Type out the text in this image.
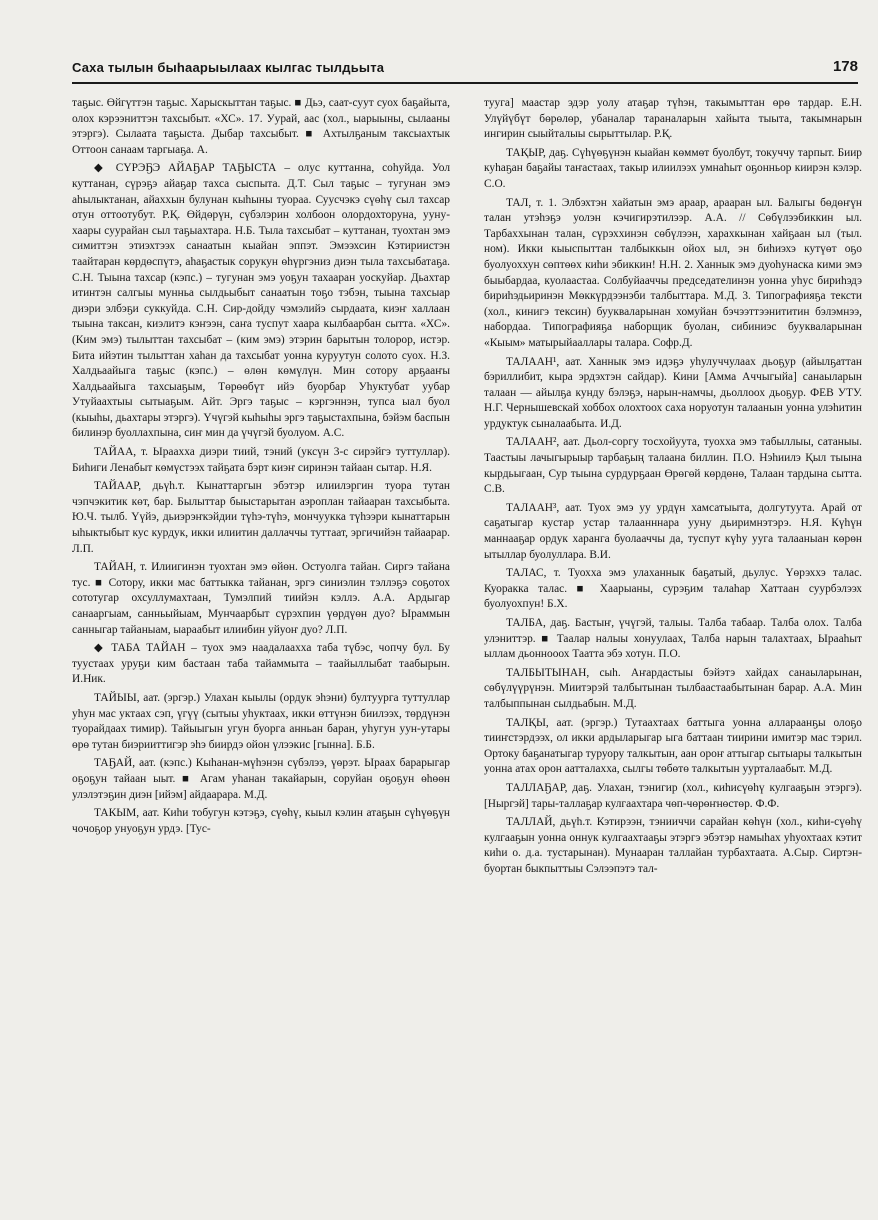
Саха тылын быһаарыылаах кылгас тылдьыта	178

таҕыс. Өйгүттэн таҕыс. Харыскыттан таҕыс. ■ Дьэ, саат-суут суох баҕайыта, олох кэрээниттэн тахсыбыт. «ХС». 17. Уурай, аас (хол., ыарыыны, сылааны этэргэ). Сылаата таҕыста. Дыбар тахсыбыт. ■ Ахтылҕаным таксыахтык Оттоон санаам таргыаҕа. А.

◆ СҮРЭҔЭ АЙАҔАР ТАҔЫСТА – олус куттанна, соһуйда. Уол куттанан, сүрэҕэ айаҕар тахса сыспыта. Д.Т. Сыл таҕыс – тугунан эмэ аһылыктанан, айаххын булунан кыһыны туораа. Суусчэкэ сүөһү сыл тахсар отун оттоотубут. Р.Қ. Өйдөрүн, сүбэлэрин холбоон олордохторуна, ууну-хаары суурайан сыл таҕыахтара. Н.Б. Тыла тахсыбат – куттанан, туохтан эмэ симиттэн этиэхтээх санаатын кыайан эппэт. Эмээхсин Кэтириистэн таайтаран көрдөспүтэ, аһаҕастык сорукун өһүргэниз диэн тыла тахсыбатаҕа. С.Н. Тыына тахсар (кэпс.) – тугунан эмэ уоҕун тахааран уоскуйар. Дьахтар итинтэн салгыы мунньа сылдьыбыт санаатын тоҕо тэбэн, тыына тахсыар диэри элбэҕи суккуйда. С.Н. Сир-дойду чэмэлийэ сырдаата, киэҥ халлаан тыына таксан, киэлитэ кэҥээн, саҥа туспут хаара кылбаарбан сытта. «ХС». (Ким эмэ) тылыттан тахсыбат – (ким эмэ) этэрин барытын толорор, истэр. Бита ийэтин тылыттан хаһан да тахсыбат уонна куруутун солото суох. Н.З. Халдьаайыга таҕыс (кэпс.) – өлөн көмүлүн. Мин сотору арҕааҥы Халдьаайыга тахсыаҕым, Төрөөбүт ийэ буорбар Уһуктубат уубар Утуйаахтыы сытыаҕым. Айт. Эргэ таҕыс – кэргэннэн, тупса ыал буол (кыыһы, дьахтары этэргэ). Үчүгэй кыһыһы эргэ таҕыстахпына, бэйэм баспын билинэр буоллахпына, сиҥ мин да үчүгэй буолуом. А.С.

ТАЙАА, т. Ыраахха диэри тиий, тэний (уксүн 3-с сирэйгэ туттуллар). Биһиги Ленабыт көмүстээх тайҕата бэрт киэҥ сиринэн тайаан сытар. Н.Я.

ТАЙААР, дьүһ.т. Кынаттаргын эбэтэр илиилэргин туора тутан чэпчэкитик көт, бар. Былыттар быыстарытан аэроплан тайааран тахсыбыта. Ю.Ч. тылб. Үүйэ, дьиэрэҥкэйдии түһэ-түһэ, мончуукка түһээри кынаттарын ыһыктыбыт кус курдук, икки илиитин даллаччы туттаат, эргичийэн тайаарар. Л.П.

ТАЙАН, т. Илиигинэн туохтан эмэ өйөн. Остуолга тайан. Сиргэ тайана тус. ■ Сотору, икки мас баттыкка тайанан, эргэ синиэлин тэллэҕэ соҕотох сототугар охсуллумахтаан, Тумэлпий тиийэн кэллэ. А.А. Ардыгар санааргыам, санньыйыам, Мунчаарбыт сүрэхпин үөрдүөн дуо? Ыраммын санныгар тайаныам, ыараабыт илиибин уйуоҥ дуо? Л.П.

◆ ТАБА ТАЙАН – туох эмэ наадалаахха таба түбэс, чопчу бул. Бу туустаах уруҕи ким бастаан таба тайаммыта – таайыллыбат таабырын. И.Ник.

ТАЙЫЫ, аат. (эргэр.) Улахан кыылы (ордук эһэни) бултуурга туттуллар уһун мас уктаах сэп, үгүү (сытыы уһуктаах, икки өттүнэн биилээх, төрдүнэн туорайдаах тимир). Тайыыгын угун буорга анньан баран, уһугун уун-утары өрө тутан биэрииттигэр эһэ биирдэ ойон үлээкис [гынна]. Б.Б.

ТАҔАЙ, аат. (кэпс.) Кыһанан-мүһэнэн сүбэлээ, үөрэт. Ыраах барарыгар оҕоҕун тайаан ыыт. ■ Агам уһанан такайарын, соруйан оҕоҕун өһөөн улэлэтэҕин диэн [ийэм] айдаарара. М.Д.

ТАКЫМ, аат. Киһи тобугун кэтэҕэ, сүөһү, кыыл кэлин атаҕын сүһүөҕүн чочоҕор унуоҕун урдэ. [Тус-

тууга] маастар эдэр уолу атаҕар түһэн, такымыттан өрө тардар. Е.Н. Улүйүбүт бөрөлөр, убаналар тараналарын хайыта тыыта, такымнарын ингирин сыыйталыы сырыттылар. Р.Қ.

ТАҚЫР, даҕ. Сүһүөҕүнэн кыайан көммөт буолбут, токуччу тарпыт. Биир куһаҕан баҕайы таҥастаах, такыр илиилээх умнаһыт оҕонньор киирэн кэлэр. С.О.

ТАЛ, т. 1. Элбэхтэн хайатын эмэ араар, арааран ыл. Балыгы бөдөҥүн талан утэһэҕэ уолэн кэчигирэтилээр. А.А. // Сөбүлээбиккин ыл. Тарбаххынан талан, сүрэххинэн сөбүлээн, харахкынан хайҕаан ыл (тыл. ном). Икки кыыспыттан талбыккын ойох ыл, эн биһиэхэ кутүөт оҕо буолуоххун сөптөөх киһи эбиккин! Н.Н. 2. Ханнык эмэ дуоһунаска кими эмэ быыбардаа, куолаастаа. Солбуйааччы председателинэн уонна уһус бириһэдэ бириһэдьиринэн Мөккүрдээнэби талбыттара. М.Д. 3. Типографияҕа тексти (хол., кинигэ тексин) буукваларынан хомуйан бэчээттээнититин бэлэмнээ, набордаа. Типографияҕа наборщик буолан, сибиниэс буукваларынан «Кыым» матырыйааллары талара. Софр.Д.

ТАЛААН¹, аат. Ханнык эмэ идэҕэ уһулуччулаах дьоҕур (айылҕаттан бэриллибит, кыра эрдэхтэн сайдар). Кини [Амма Аччыгыйа] санаыларын талаан — айылҕа кунду бэлэҕэ, нарын-намчы, дьоллоох дьоҕур. ФЕВ УТУ. Н.Г. Чернышевскай хоббох олохтоох саха норуотун талаанын уонна улэһитин урдуктук сыналаабыта. И.Д.

ТАЛААН², аат. Дьол-соргу тосхойуута, туохха эмэ табыллыы, сатаныы. Таастыы лачыгырыыр тарбаҕың талаана биллин. П.О. Нэһиилэ Қыл тыына кырдьыгаан, Сур тыына сурдурҕаан Өрөгөй көрдөнө, Талаан тардына сытта. С.В.

ТАЛААН³, аат. Туох эмэ уу урдүн хамсатыыта, долгутуута. Арай от саҕатыгар кустар устар талаанннара ууну дьиримнэтэрэ. Н.Я. Күһүн маннааҕар ордук харанга буолааччы да, туспут күһу ууга талааныан көрөн ытыллар буолуллара. В.И.

ТАЛАС, т. Туохха эмэ улаханнык баҕатый, дьулус. Үөрэххэ талас. Куоракка талас. ■ Хаарыаны, сурэҕим талаһар Хаттаан суурбэлээх буолуохпун! Б.Х.

ТАЛБА, даҕ. Бастыҥ, үчүгэй, талыы. Талба табаар. Талба олох. Талба улэниттэр. ■ Таалар налыы хонуулаах, Талба нарын талахтаах, Ырааһыт ыллам дьоннооох Таатта эбэ хотун. П.О.

ТАЛБЫТЫНАН, сыһ. Аҥардастыы бэйэтэ хайдах санаыларынан, сөбүлүүрүнэн. Миитэрэй талбытынан тылбаастаабытынан барар. А.А. Мин талбыппынан сылдьабын. М.Д.

ТАЛҚЫ, аат. (эргэр.) Тутаахтаах баттыга уонна аллараанҕы олоҕо тииҥстэрдээх, ол икки ардыларыгар ыга баттаан тиирини имитэр мас тэрил. Ортоку баҕанатыгар туруору талкытын, аан ороҥ аттыгар сытыары талкытын уонна атах орон аатталахха, сылгы төбөтө талкытын уурталаабыт. М.Д.

ТАЛЛАҔАР, даҕ. Улахан, тэнигир (хол., киһисүөһү кулгааҕын этэргэ). [Ныргэй] тары-таллаҕар кулгаахтара чөп-чөрөҥнөстөр. Ф.Ф.

ТАЛЛАЙ, дьүһ.т. Кэтирээн, тэнииччи сарайан көһүн (хол., киһи-сүөһү кулгааҕын уонна оннук кулгаахтааҕы этэргэ эбэтэр намыһах уһуохтаах кэтит киһи о. д.а. тустарынан). Мунааран таллайан турбахтаата. А.Сыр. Сиртэн-буортан быкпыттыы Сэлээпэтэ тал-
